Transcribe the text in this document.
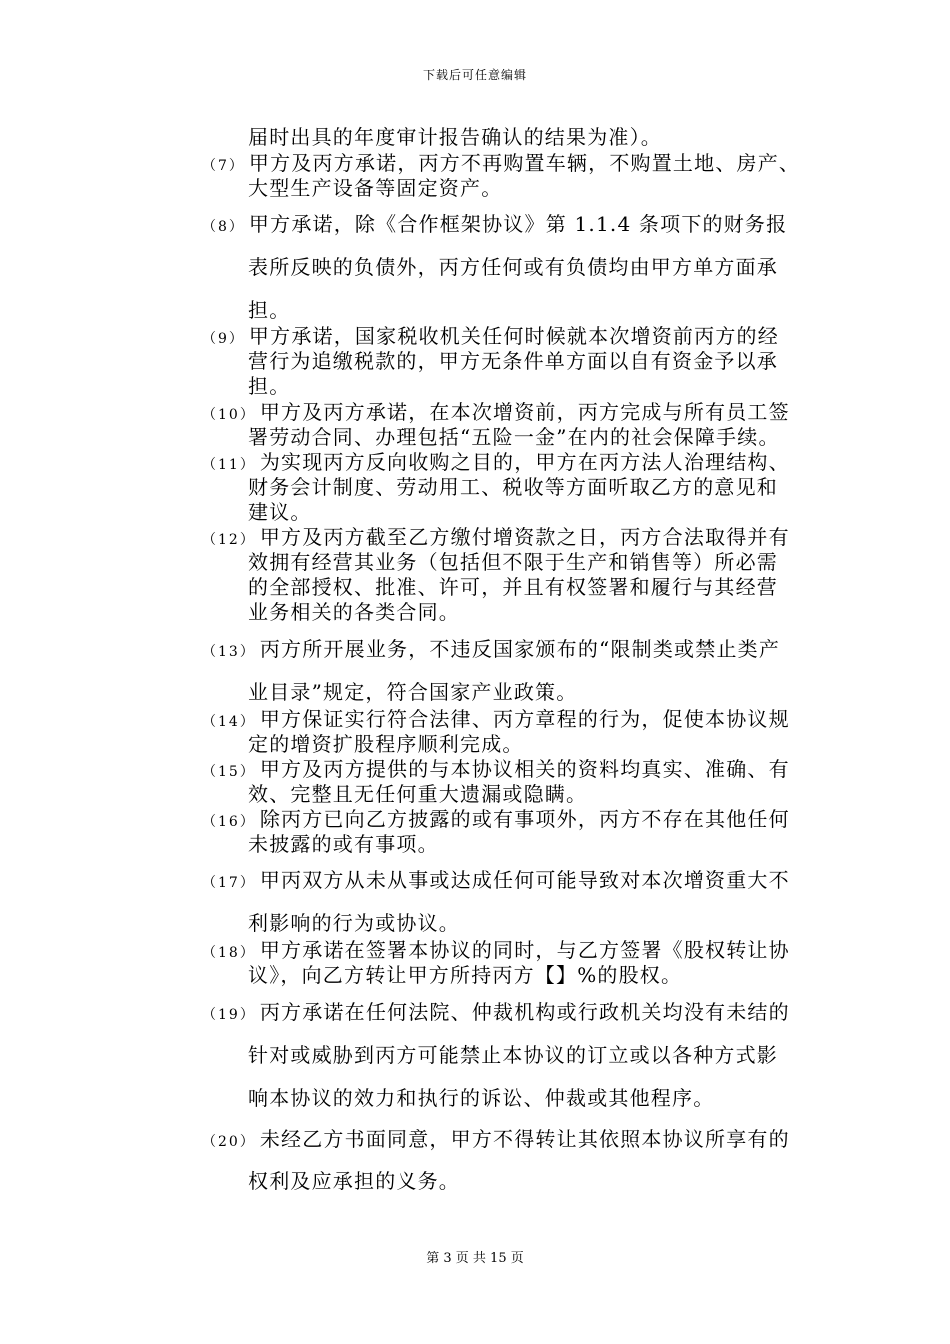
下载后可任意编辑
届时出具的年度审计报告确认的结果为准）。
（7） 甲方及丙方承诺，丙方不再购置车辆，不购置土地、房产、
大型生产设备等固定资产。
（8） 甲方承诺，除《合作框架协议》第 1.1.4 条项下的财务报
表所反映的负债外，丙方任何或有负债均由甲方单方面承
担。
（9） 甲方承诺，国家税收机关任何时候就本次增资前丙方的经
营行为追缴税款的，甲方无条件单方面以自有资金予以承
担。
（10） 甲方及丙方承诺，在本次增资前，丙方完成与所有员工签
署劳动合同、办理包括“五险一金”在内的社会保障手续。
（11） 为实现丙方反向收购之目的，甲方在丙方法人治理结构、
财务会计制度、劳动用工、税收等方面听取乙方的意见和
建议。
（12） 甲方及丙方截至乙方缴付增资款之日，丙方合法取得并有
效拥有经营其业务（包括但不限于生产和销售等）所必需
的全部授权、批准、许可，并且有权签署和履行与其经营
业务相关的各类合同。
（13） 丙方所开展业务，不违反国家颁布的“限制类或禁止类产
业目录”规定，符合国家产业政策。
（14） 甲方保证实行符合法律、丙方章程的行为，促使本协议规
定的增资扩股程序顺利完成。
（15） 甲方及丙方提供的与本协议相关的资料均真实、准确、有
效、完整且无任何重大遗漏或隐瞒。
（16） 除丙方已向乙方披露的或有事项外，丙方不存在其他任何
未披露的或有事项。
（17） 甲丙双方从未从事或达成任何可能导致对本次增资重大不
利影响的行为或协议。
（18） 甲方承诺在签署本协议的同时，与乙方签署《股权转让协
议》，向乙方转让甲方所持丙方【】%的股权。
（19） 丙方承诺在任何法院、仲裁机构或行政机关均没有未结的
针对或威胁到丙方可能禁止本协议的订立或以各种方式影
响本协议的效力和执行的诉讼、仲裁或其他程序。
（20） 未经乙方书面同意，甲方不得转让其依照本协议所享有的
权利及应承担的义务。
第 3 页 共 15 页
